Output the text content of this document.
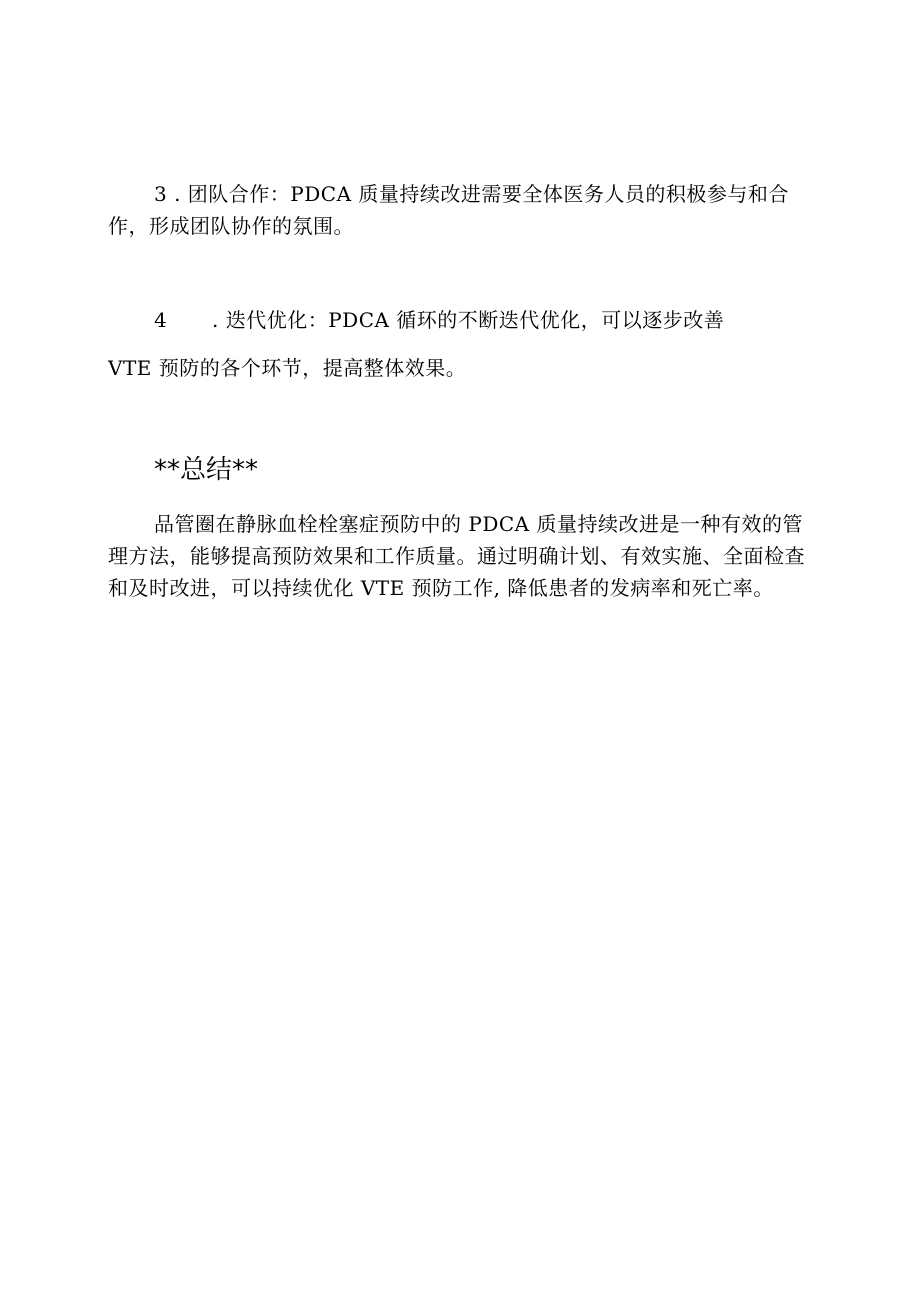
3 . 团队合作：PDCA 质量持续改进需要全体医务人员的积极参与和合作，形成团队协作的氛围。

4 . 迭代优化：PDCA 循环的不断迭代优化，可以逐步改善
VTE 预防的各个环节，提高整体效果。
**总结**

品管圈在静脉血栓栓塞症预防中的 PDCA 质量持续改进是一种有效的管理方法，能够提高预防效果和工作质量。通过明确计划、有效实施、全面检查和及时改进，可以持续优化 VTE 预防工作, 降低患者的发病率和死亡率。
